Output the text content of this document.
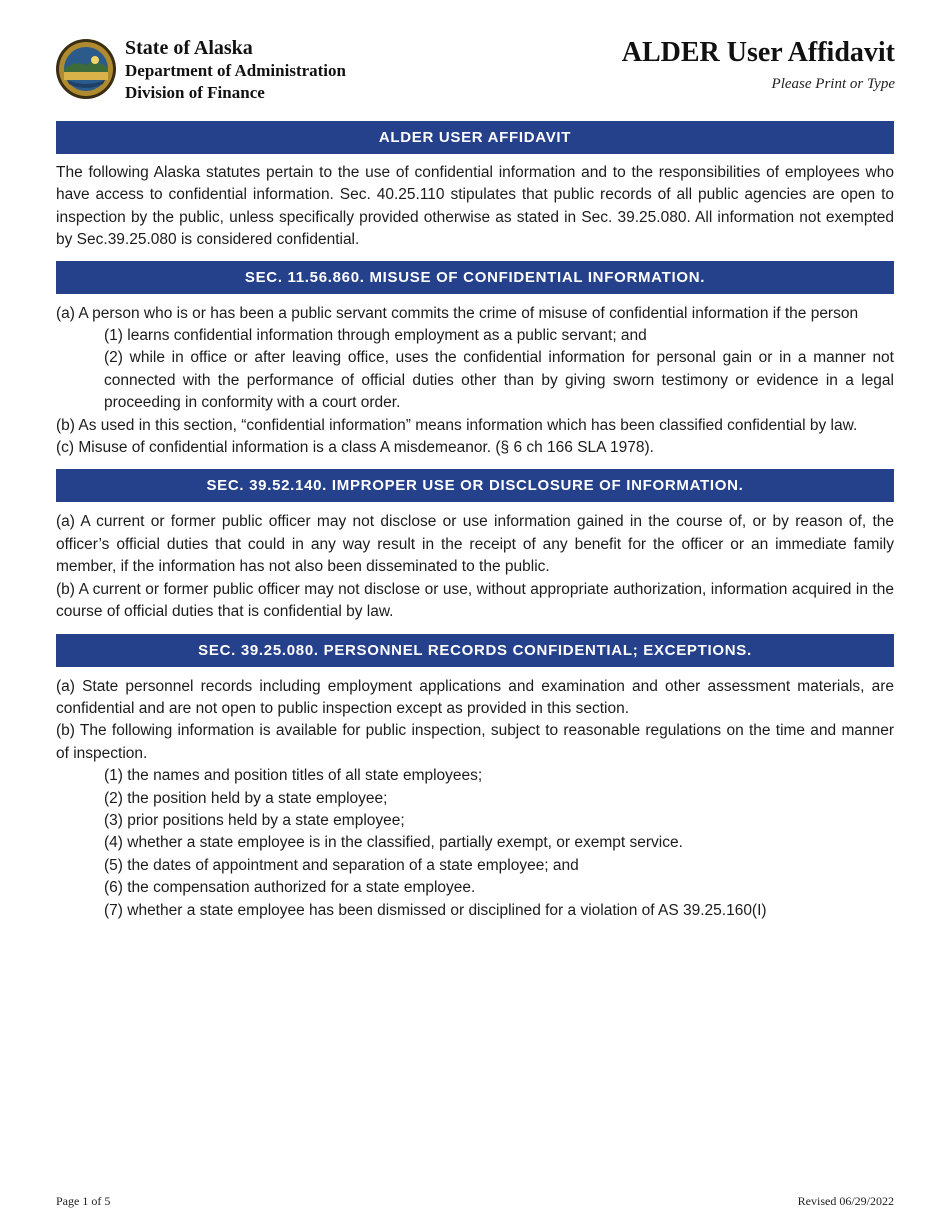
State of Alaska
Department of Administration
Division of Finance
ALDER User Affidavit
Please Print or Type
ALDER USER AFFIDAVIT
The following Alaska statutes pertain to the use of confidential information and to the responsibilities of employees who have access to confidential information. Sec. 40.25.110 stipulates that public records of all public agencies are open to inspection by the public, unless specifically provided otherwise as stated in Sec. 39.25.080. All information not exempted by Sec.39.25.080 is considered confidential.
SEC. 11.56.860. MISUSE OF CONFIDENTIAL INFORMATION.
(a) A person who is or has been a public servant commits the crime of misuse of confidential information if the person
(1) learns confidential information through employment as a public servant; and
(2) while in office or after leaving office, uses the confidential information for personal gain or in a manner not connected with the performance of official duties other than by giving sworn testimony or evidence in a legal proceeding in conformity with a court order.
(b) As used in this section, “confidential information” means information which has been classified confidential by law.
(c) Misuse of confidential information is a class A misdemeanor. (§ 6 ch 166 SLA 1978).
SEC. 39.52.140. IMPROPER USE OR DISCLOSURE OF INFORMATION.
(a) A current or former public officer may not disclose or use information gained in the course of, or by reason of, the officer’s official duties that could in any way result in the receipt of any benefit for the officer or an immediate family member, if the information has not also been disseminated to the public.
(b) A current or former public officer may not disclose or use, without appropriate authorization, information acquired in the course of official duties that is confidential by law.
SEC. 39.25.080. PERSONNEL RECORDS CONFIDENTIAL; EXCEPTIONS.
(a) State personnel records including employment applications and examination and other assessment materials, are confidential and are not open to public inspection except as provided in this section.
(b) The following information is available for public inspection, subject to reasonable regulations on the time and manner of inspection.
(1) the names and position titles of all state employees;
(2) the position held by a state employee;
(3) prior positions held by a state employee;
(4) whether a state employee is in the classified, partially exempt, or exempt service.
(5) the dates of appointment and separation of a state employee; and
(6) the compensation authorized for a state employee.
(7) whether a state employee has been dismissed or disciplined for a violation of AS 39.25.160(I)
Page 1 of 5	Revised 06/29/2022
